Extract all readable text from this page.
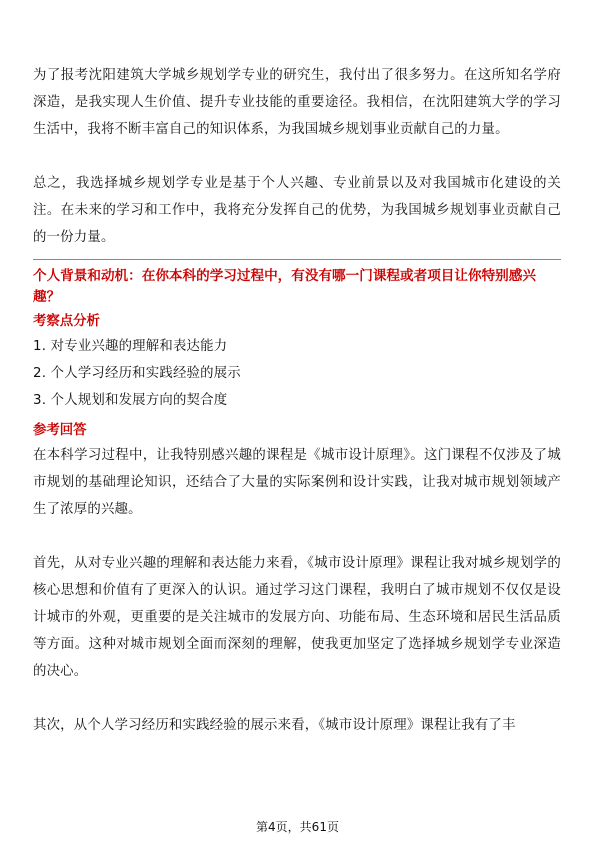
为了报考沈阳建筑大学城乡规划学专业的研究生，我付出了很多努力。在这所知名学府深造，是我实现人生价值、提升专业技能的重要途径。我相信，在沈阳建筑大学的学习生活中，我将不断丰富自己的知识体系，为我国城乡规划事业贡献自己的力量。

总之，我选择城乡规划学专业是基于个人兴趣、专业前景以及对我国城市化建设的关注。在未来的学习和工作中，我将充分发挥自己的优势，为我国城乡规划事业贡献自己的一份力量。

个人背景和动机：在你本科的学习过程中，有没有哪一门课程或者项目让你特别感兴趣？

考察点分析

1. 对专业兴趣的理解和表达能力
2. 个人学习经历和实践经验的展示
3. 个人规划和发展方向的契合度

参考回答

在本科学习过程中，让我特别感兴趣的课程是《城市设计原理》。这门课程不仅涉及了城市规划的基础理论知识，还结合了大量的实际案例和设计实践，让我对城市规划领域产生了浓厚的兴趣。

首先，从对专业兴趣的理解和表达能力来看，《城市设计原理》课程让我对城乡规划学的核心思想和价值有了更深入的认识。通过学习这门课程，我明白了城市规划不仅仅是设计城市的外观，更重要的是关注城市的发展方向、功能布局、生态环境和居民生活品质等方面。这种对城市规划全面而深刻的理解，使我更加坚定了选择城乡规划学专业深造的决心。

其次，从个人学习经历和实践经验的展示来看，《城市设计原理》课程让我有了丰

第4页，共61页
